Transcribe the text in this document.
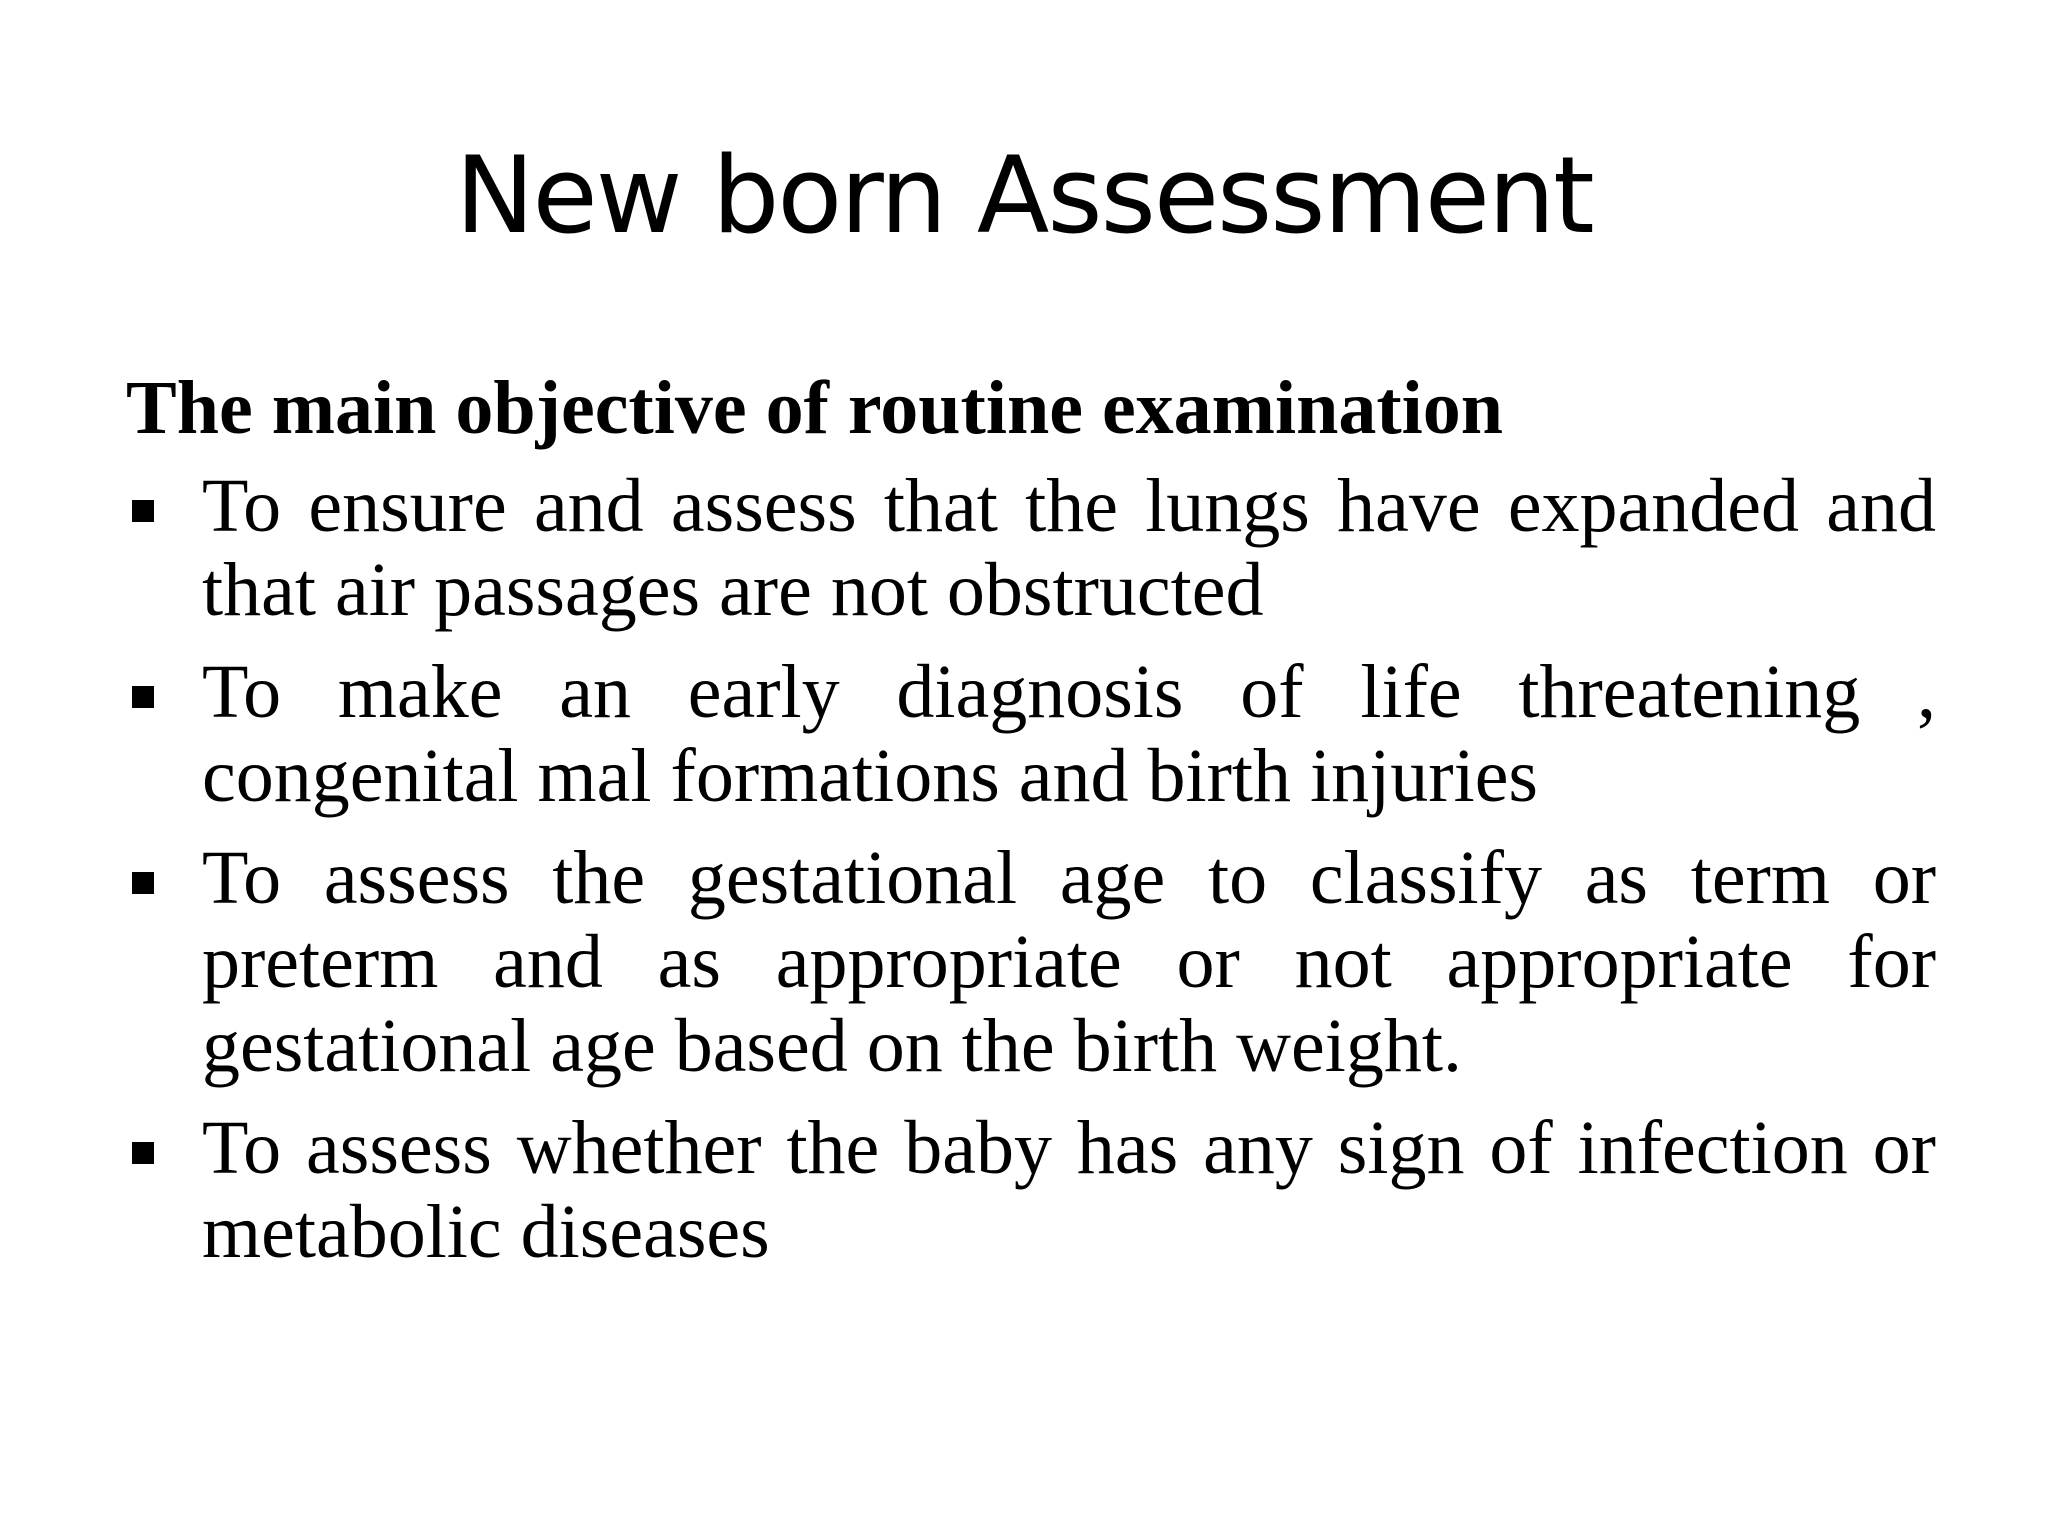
New born Assessment
The main objective of routine examination
To ensure and assess that the lungs have expanded and that air passages are not obstructed
To make an early diagnosis of life threatening , congenital mal formations and birth injuries
To assess the gestational age to classify as term or preterm and as appropriate or not appropriate for gestational age based on the birth weight.
To assess whether the baby has any sign of infection or metabolic diseases
